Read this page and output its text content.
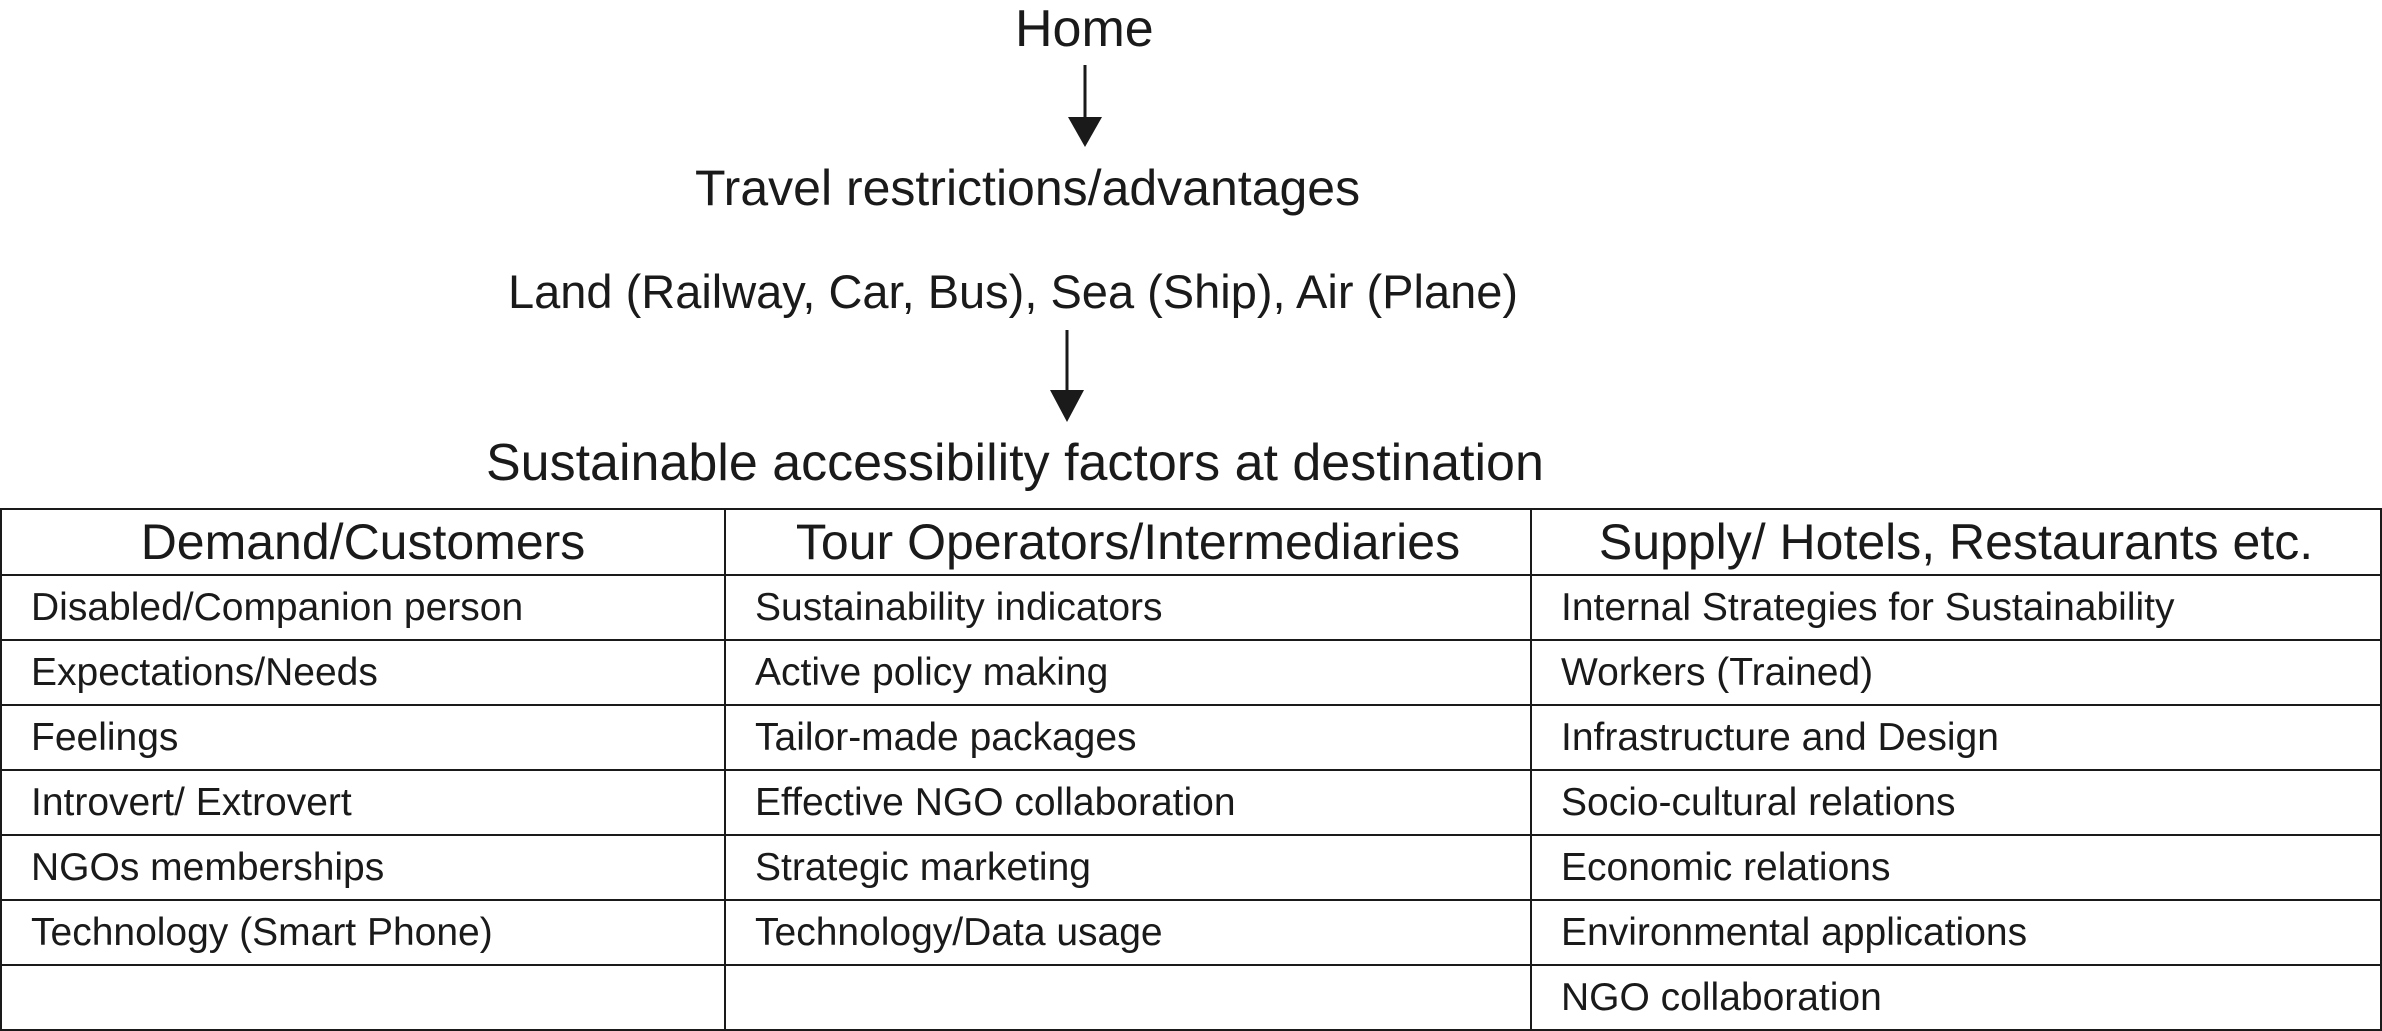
Home
Travel restrictions/advantages
Land (Railway, Car, Bus), Sea (Ship), Air (Plane)
Sustainable accessibility factors at destination
Demand/Customers	Tour Operators/Intermediaries	Supply/ Hotels, Restaurants etc.
Disabled/Companion person	Sustainability indicators	Internal Strategies for Sustainability
Expectations/Needs	Active policy making	Workers (Trained)
Feelings	Tailor-made packages	Infrastructure and Design
Introvert/ Extrovert	Effective NGO collaboration	Socio-cultural relations
NGOs memberships	Strategic marketing	Economic relations
Technology (Smart Phone)	Technology/Data usage	Environmental applications
		NGO collaboration
